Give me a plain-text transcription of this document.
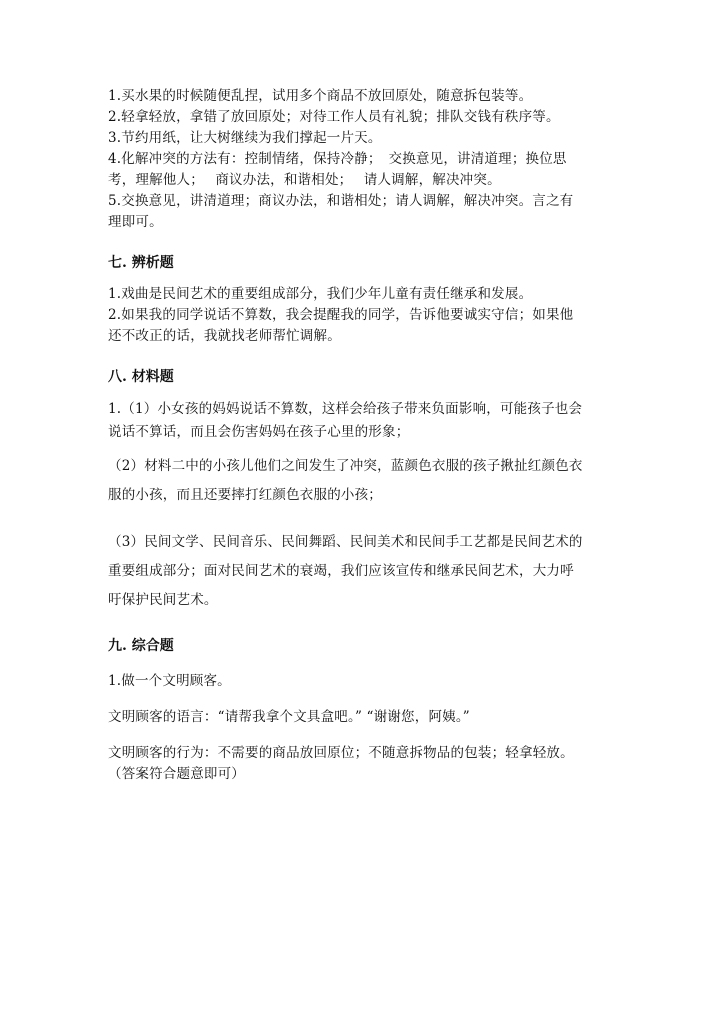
1.买水果的时候随便乱捏，试用多个商品不放回原处，随意拆包装等。
2.轻拿轻放，拿错了放回原处；对待工作人员有礼貌；排队交钱有秩序等。
3.节约用纸，让大树继续为我们撑起一片天。
4.化解冲突的方法有：控制情绪，保持冷静；　交换意见，讲清道理；换位思
考，理解他人；　 商议办法，和谐相处；　 请人调解，解决冲突。
5.交换意见，讲清道理；商议办法，和谐相处；请人调解，解决冲突。言之有
理即可。
七. 辨析题
1.戏曲是民间艺术的重要组成部分，我们少年儿童有责任继承和发展。
2.如果我的同学说话不算数，我会提醒我的同学，告诉他要诚实守信；如果他
还不改正的话，我就找老师帮忙调解。
八. 材料题
1.（1）小女孩的妈妈说话不算数，这样会给孩子带来负面影响，可能孩子也会
说话不算话，而且会伤害妈妈在孩子心里的形象；
（2）材料二中的小孩儿他们之间发生了冲突，蓝颜色衣服的孩子揪扯红颜色衣
服的小孩，而且还要摔打红颜色衣服的小孩；
（3）民间文学、民间音乐、民间舞蹈、民间美术和民间手工艺都是民间艺术的
重要组成部分；面对民间艺术的衰竭，我们应该宣传和继承民间艺术，大力呼
吁保护民间艺术。
九. 综合题
1.做一个文明顾客。
文明顾客的语言：“请帮我拿个文具盒吧。” “谢谢您，阿姨。”
文明顾客的行为：不需要的商品放回原位；不随意拆物品的包装；轻拿轻放。
（答案符合题意即可）
